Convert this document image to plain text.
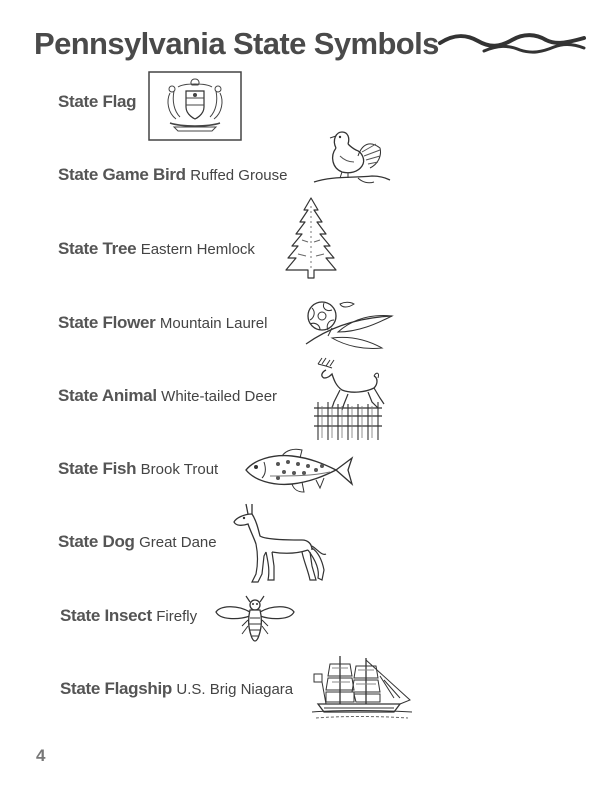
Pennsylvania State Symbols
State Flag
State Game Bird Ruffed Grouse
State Tree Eastern Hemlock
State Flower Mountain Laurel
State Animal White-tailed Deer
State Fish Brook Trout
State Dog Great Dane
State Insect Firefly
State Flagship U.S. Brig Niagara
4
